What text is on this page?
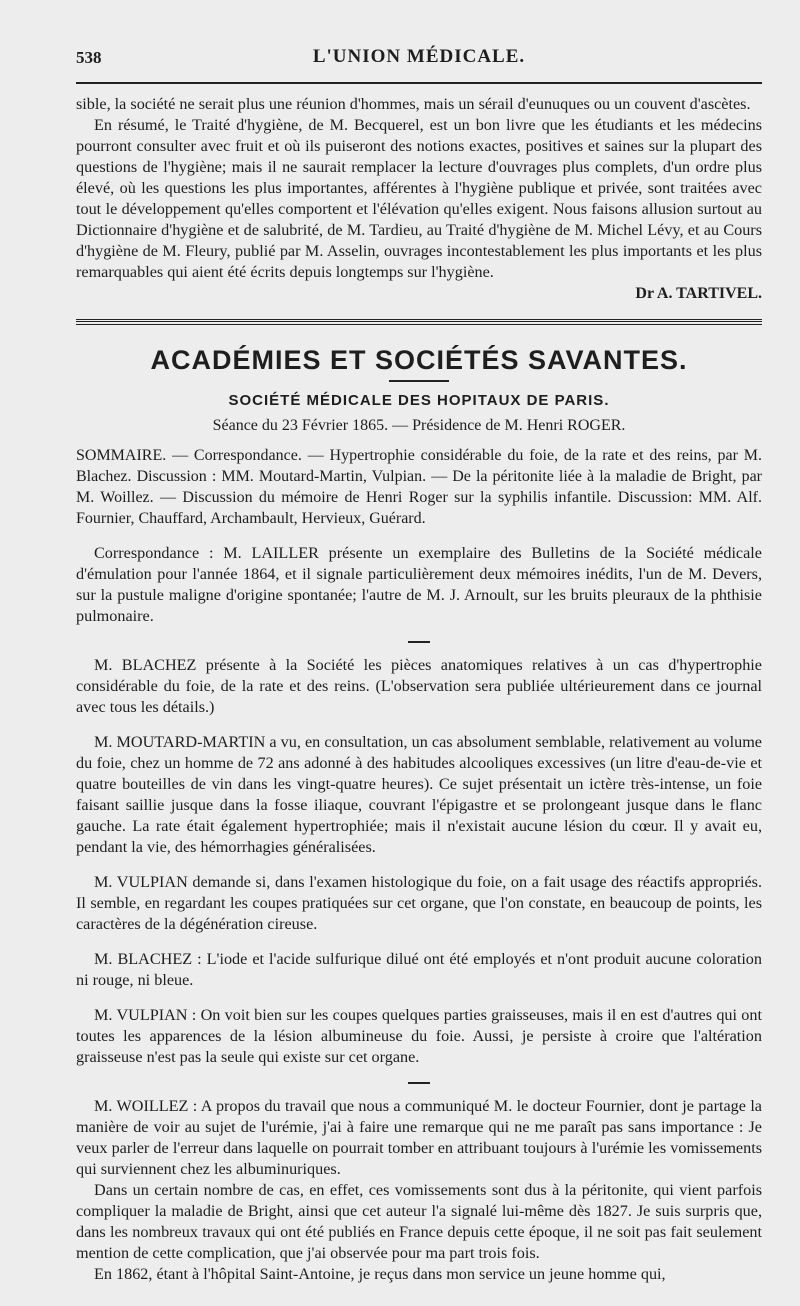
538	L'UNION MÉDICALE.

sible, la société ne serait plus une réunion d'hommes, mais un sérail d'eunuques ou un couvent d'ascètes.

En résumé, le Traité d'hygiène, de M. Becquerel, est un bon livre que les étudiants et les médecins pourront consulter avec fruit et où ils puiseront des notions exactes, positives et saines sur la plupart des questions de l'hygiène; mais il ne saurait remplacer la lecture d'ouvrages plus complets, d'un ordre plus élevé, où les questions les plus importantes, afférentes à l'hygiène publique et privée, sont traitées avec tout le développement qu'elles comportent et l'élévation qu'elles exigent. Nous faisons allusion surtout au Dictionnaire d'hygiène et de salubrité, de M. Tardieu, au Traité d'hygiène de M. Michel Lévy, et au Cours d'hygiène de M. Fleury, publié par M. Asselin, ouvrages incontestablement les plus importants et les plus remarquables qui aient été écrits depuis longtemps sur l'hygiène.

Dr A. TARTIVEL.
ACADÉMIES ET SOCIÉTÉS SAVANTES.
SOCIÉTÉ MÉDICALE DES HOPITAUX DE PARIS.
Séance du 23 Février 1865. — Présidence de M. Henri ROGER.

SOMMAIRE. — Correspondance. — Hypertrophie considérable du foie, de la rate et des reins, par M. Blachez. Discussion : MM. Moutard-Martin, Vulpian. — De la péritonite liée à la maladie de Bright, par M. Woillez. — Discussion du mémoire de Henri Roger sur la syphilis infantile. Discussion: MM. Alf. Fournier, Chauffard, Archambault, Hervieux, Guérard.

Correspondance : M. LAILLER présente un exemplaire des Bulletins de la Société médicale d'émulation pour l'année 1864, et il signale particulièrement deux mémoires inédits, l'un de M. Devers, sur la pustule maligne d'origine spontanée; l'autre de M. J. Arnoult, sur les bruits pleuraux de la phthisie pulmonaire.

M. BLACHEZ présente à la Société les pièces anatomiques relatives à un cas d'hypertrophie considérable du foie, de la rate et des reins. (L'observation sera publiée ultérieurement dans ce journal avec tous les détails.)

M. MOUTARD-MARTIN a vu, en consultation, un cas absolument semblable, relativement au volume du foie, chez un homme de 72 ans adonné à des habitudes alcooliques excessives (un litre d'eau-de-vie et quatre bouteilles de vin dans les vingt-quatre heures). Ce sujet présentait un ictère très-intense, un foie faisant saillie jusque dans la fosse iliaque, couvrant l'épigastre et se prolongeant jusque dans le flanc gauche. La rate était également hypertrophiée; mais il n'existait aucune lésion du cœur. Il y avait eu, pendant la vie, des hémorrhagies généralisées.

M. VULPIAN demande si, dans l'examen histologique du foie, on a fait usage des réactifs appropriés. Il semble, en regardant les coupes pratiquées sur cet organe, que l'on constate, en beaucoup de points, les caractères de la dégénération cireuse.

M. BLACHEZ : L'iode et l'acide sulfurique dilué ont été employés et n'ont produit aucune coloration ni rouge, ni bleue.

M. VULPIAN : On voit bien sur les coupes quelques parties graisseuses, mais il en est d'autres qui ont toutes les apparences de la lésion albumineuse du foie. Aussi, je persiste à croire que l'altération graisseuse n'est pas la seule qui existe sur cet organe.

M. WOILLEZ : A propos du travail que nous a communiqué M. le docteur Fournier, dont je partage la manière de voir au sujet de l'urémie, j'ai à faire une remarque qui ne me paraît pas sans importance : Je veux parler de l'erreur dans laquelle on pourrait tomber en attribuant toujours à l'urémie les vomissements qui surviennent chez les albuminuriques.

Dans un certain nombre de cas, en effet, ces vomissements sont dus à la péritonite, qui vient parfois compliquer la maladie de Bright, ainsi que cet auteur l'a signalé lui-même dès 1827. Je suis surpris que, dans les nombreux travaux qui ont été publiés en France depuis cette époque, il ne soit pas fait seulement mention de cette complication, que j'ai observée pour ma part trois fois.

En 1862, étant à l'hôpital Saint-Antoine, je reçus dans mon service un jeune homme qui,
